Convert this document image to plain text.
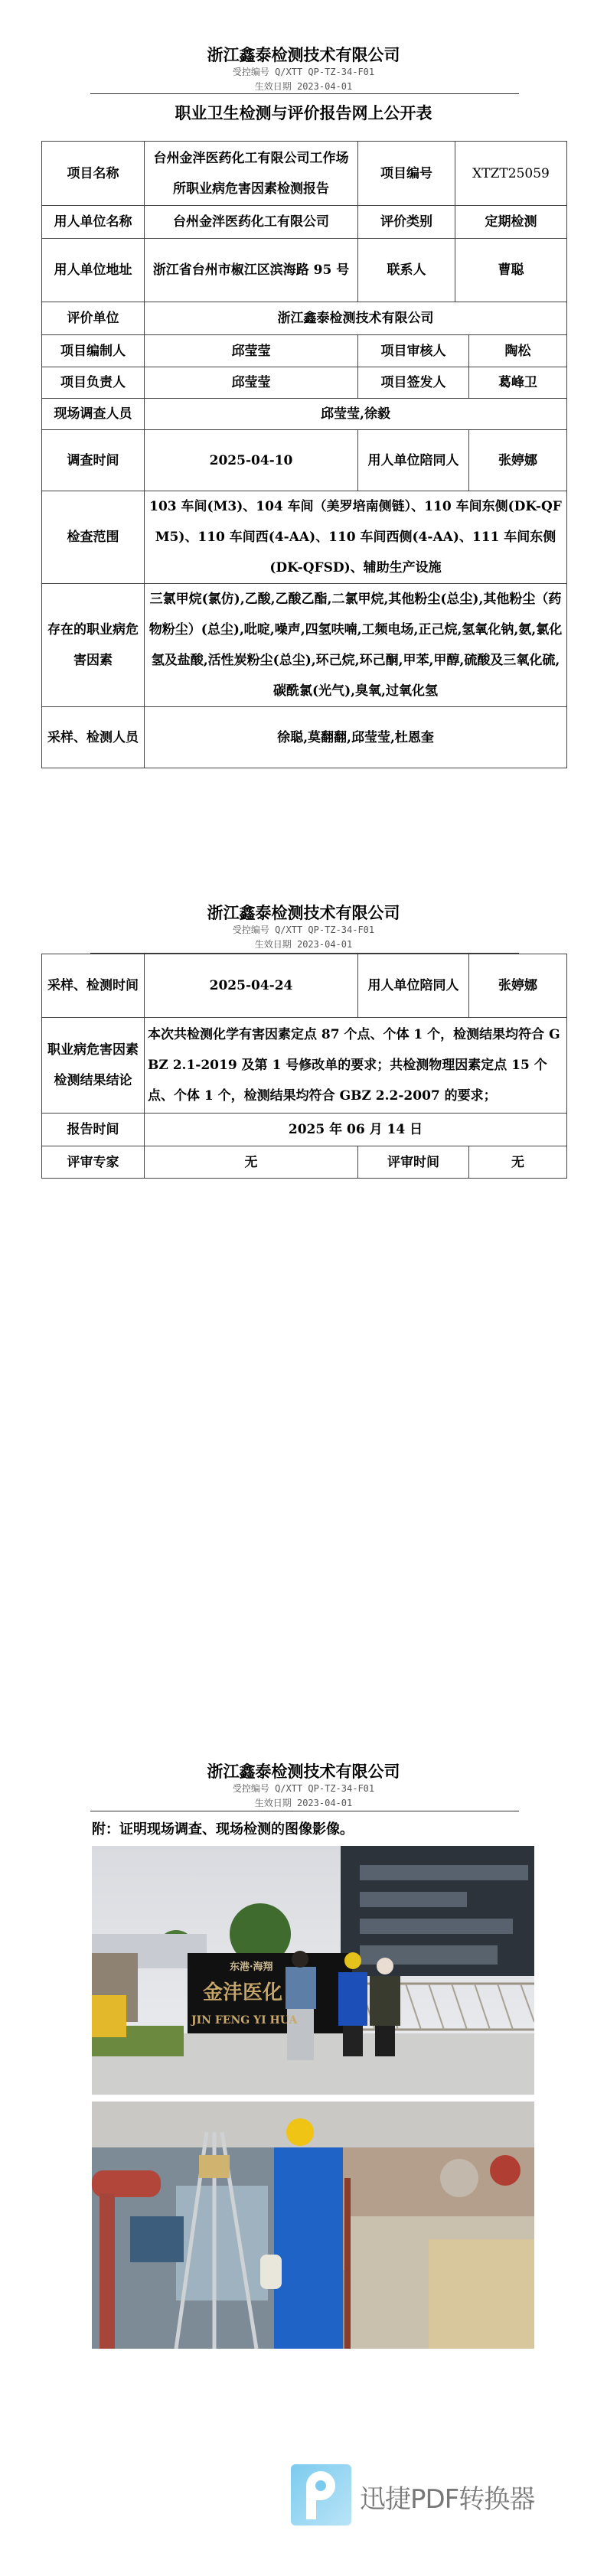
浙江鑫泰检测技术有限公司
受控编号 Q/XTT QP-TZ-34-F01
生效日期 2023-04-01
职业卫生检测与评价报告网上公开表
项目名称	台州金泮医药化工有限公司工作场所职业病危害因素检测报告	项目编号	XTZT25059	
用人单位名称	台州金泮医药化工有限公司	评价类别	定期检测	
用人单位地址	浙江省台州市椒江区滨海路 95 号	联系人	曹聪	
评价单位	浙江鑫泰检测技术有限公司			
项目编制人	邱莹莹	项目审核人		陶松
项目负责人	邱莹莹	项目签发人		葛峰卫
现场调查人员	邱莹莹,徐毅			
调查时间	2025-04-10	用人单位陪同人		张婷娜
检查范围	103 车间(M3)、104 车间（美罗培南侧链）、110 车间东侧(DK-QFM5)、110 车间西(4-AA)、110 车间西侧(4-AA)、111 车间东侧(DK-QFSD)、辅助生产设施			
存在的职业病危害因素	三氯甲烷(氯仿),乙酸,乙酸乙酯,二氯甲烷,其他粉尘(总尘),其他粉尘（药物粉尘）(总尘),吡啶,噪声,四氢呋喃,工频电场,正己烷,氢氧化钠,氨,氯化氢及盐酸,活性炭粉尘(总尘),环己烷,环己酮,甲苯,甲醇,硫酸及三氧化硫,碳酰氯(光气),臭氧,过氧化氢			
采样、检测人员	徐聪,莫翻翻,邱莹莹,杜恩奎			
浙江鑫泰检测技术有限公司
受控编号 Q/XTT QP-TZ-34-F01
生效日期 2023-04-01
采样、检测时间	2025-04-24	用人单位陪同人	张婷娜
职业病危害因素检测结果结论	本次共检测化学有害因素定点 87 个点、个体 1 个，检测结果均符合 GBZ 2.1-2019 及第 1 号修改单的要求；共检测物理因素定点 15 个点、个体 1 个，检测结果均符合 GBZ 2.2-2007 的要求；		
报告时间	2025 年 06 月 14 日		
评审专家	无	评审时间	无
浙江鑫泰检测技术有限公司
受控编号 Q/XTT QP-TZ-34-F01
生效日期 2023-04-01
附：证明现场调查、现场检测的图像影像。
东港·海翔
金沣医化
JIN FENG YI HUA
迅捷PDF转换器
